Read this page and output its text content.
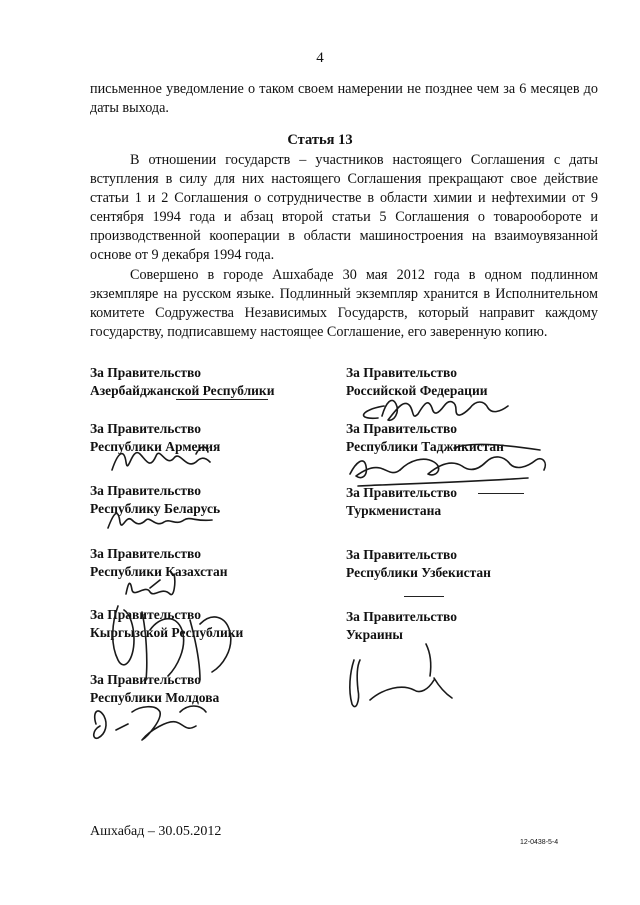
4

письменное уведомление о таком своем намерении не позднее чем за 6 месяцев до даты выхода.

Статья 13

В отношении государств – участников настоящего Соглашения с даты вступления в силу для них настоящего Соглашения прекращают свое действие статьи 1 и 2 Соглашения о сотрудничестве в области химии и нефтехимии от 9 сентября 1994 года и абзац второй статьи 5 Соглашения о товарообороте и производственной кооперации в области машиностроения на взаимоувязанной основе от 9 декабря 1994 года.

Совершено в городе Ашхабаде 30 мая 2012 года в одном подлинном экземпляре на русском языке. Подлинный экземпляр хранится в Исполнительном комитете Содружества Независимых Государств, который направит каждому государству, подписавшему настоящее Соглашение, его заверенную копию.

За Правительство
Азербайджанской Республики
За Правительство
Республики Армения
За Правительство
Республику Беларусь
За Правительство
Республики Казахстан
За Правительство
Кыргызской Республики
За Правительство
Республики Молдова
За Правительство
Российской Федерации
За Правительство
Республики Таджикистан
За Правительство
Туркменистана
За Правительство
Республики Узбекистан
За Правительство
Украины
Ашхабад – 30.05.2012
12-0438-5-4
